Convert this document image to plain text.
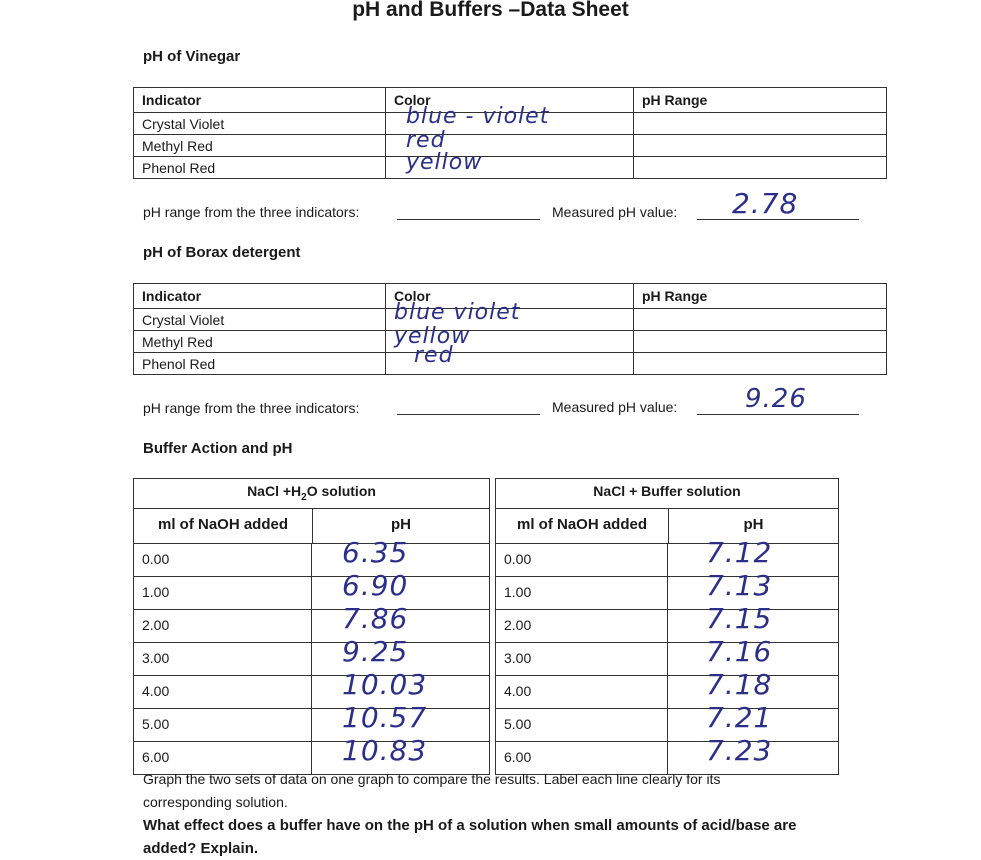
pH and Buffers –Data Sheet
pH of Vinegar
Indicator	Color	pH Range
Crystal Violet	blue - violet
Methyl Red	red
Phenol Red	yellow
pH range from the three indicators:	Measured pH value: 2.78
pH of Borax detergent
Indicator	Color	pH Range
Crystal Violet	blue violet
Methyl Red	yellow
Phenol Red	red
pH range from the three indicators:	Measured pH value:	9.26
Buffer Action and pH
NaCl $+H_2O$ solution
ml of NaOH added	pH
0.00	6.35
1.00	6.90
2.00	7.86
3.00	9.25
4.00	10.03
5.00	10.57
6.00	10.83
NaCl + Buffer solution
ml of NaOH added	pH
0.00	7.12
1.00	7.13
2.00	7.15
3.00	7.16
4.00	7.18
5.00	7.21
6.00	7.23
Graph the two sets of data on one graph to compare the results. Label each line clearly for its
corresponding solution.
What effect does a buffer have on the pH of a solution when small amounts of acid/base are
added? Explain.
